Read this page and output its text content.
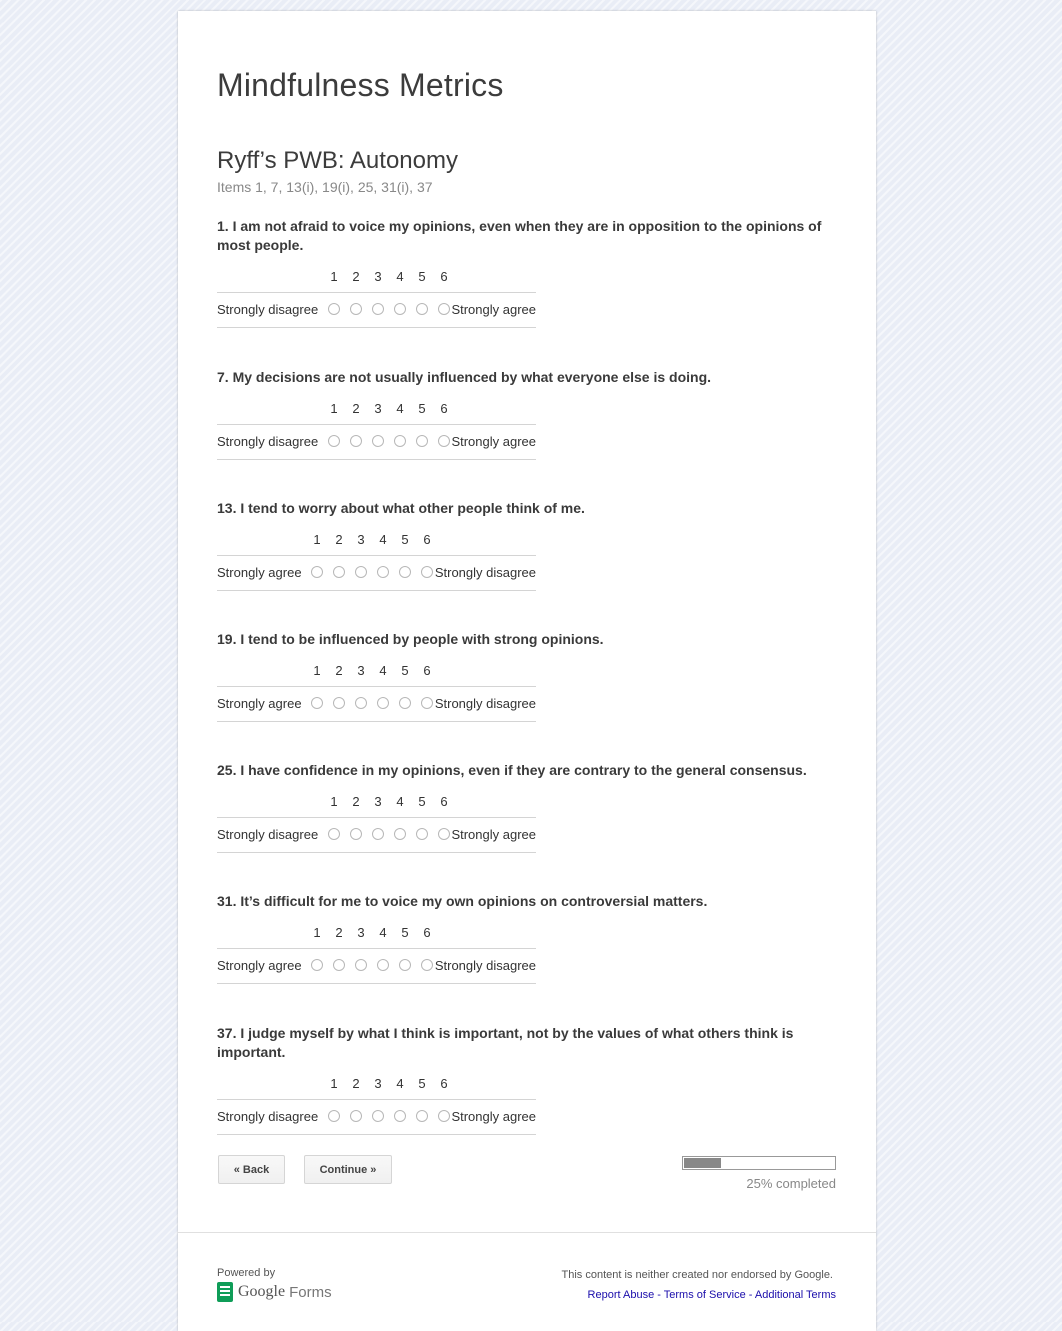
Mindfulness Metrics
Ryff’s PWB: Autonomy
Items 1, 7, 13(i), 19(i), 25, 31(i), 37

1. I am not afraid to voice my opinions, even when they are in opposition to the opinions of most people.

1	2	3	4	5	6
Strongly disagree	Strongly agree

7. My decisions are not usually influenced by what everyone else is doing.

1	2	3	4	5	6
Strongly disagree	Strongly agree

13. I tend to worry about what other people think of me.

1	2	3	4	5	6
Strongly agree	Strongly disagree

19. I tend to be influenced by people with strong opinions.

1	2	3	4	5	6
Strongly agree	Strongly disagree

25. I have confidence in my opinions, even if they are contrary to the general consensus.

1	2	3	4	5	6
Strongly disagree	Strongly agree

31. It’s difficult for me to voice my own opinions on controversial matters.

1	2	3	4	5	6
Strongly agree	Strongly disagree

37. I judge myself by what I think is important, not by the values of what others think is important.

1	2	3	4	5	6
Strongly disagree	Strongly agree
« Back	Continue »
25% completed
Powered by
Google Forms
This content is neither created nor endorsed by Google.
Report Abuse - Terms of Service - Additional Terms
